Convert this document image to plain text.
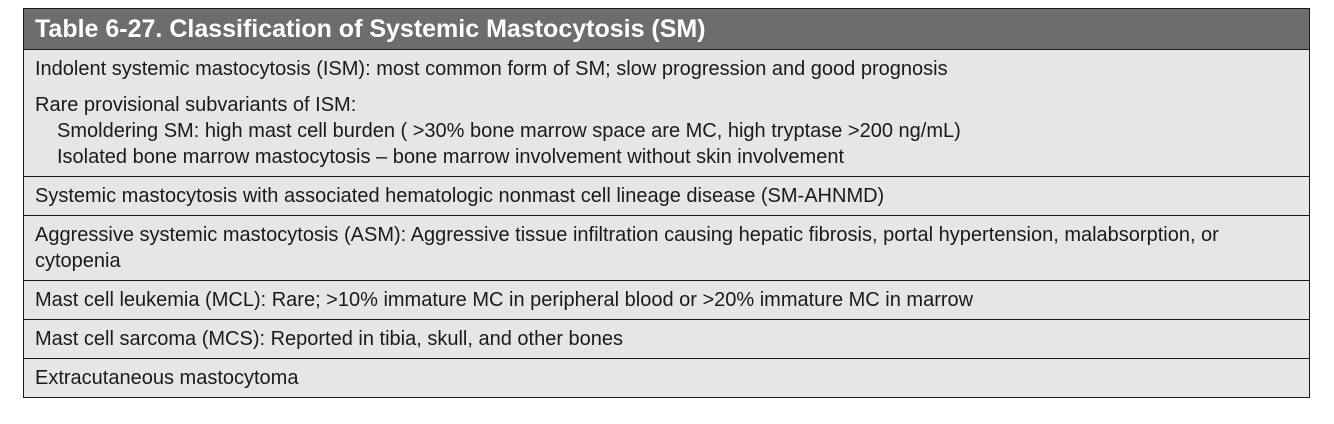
Table 6-27. Classification of Systemic Mastocytosis (SM)

Indolent systemic mastocytosis (ISM): most common form of SM; slow progression and good prognosis

Rare provisional subvariants of ISM:

Smoldering SM: high mast cell burden ( >30% bone marrow space are MC, high tryptase >200 ng/mL)

Isolated bone marrow mastocytosis – bone marrow involvement without skin involvement

Systemic mastocytosis with associated hematologic nonmast cell lineage disease (SM-AHNMD)

Aggressive systemic mastocytosis (ASM): Aggressive tissue infiltration causing hepatic fibrosis, portal hypertension, malabsorption, or cytopenia

Mast cell leukemia (MCL): Rare; >10% immature MC in peripheral blood or >20% immature MC in marrow

Mast cell sarcoma (MCS): Reported in tibia, skull, and other bones

Extracutaneous mastocytoma
